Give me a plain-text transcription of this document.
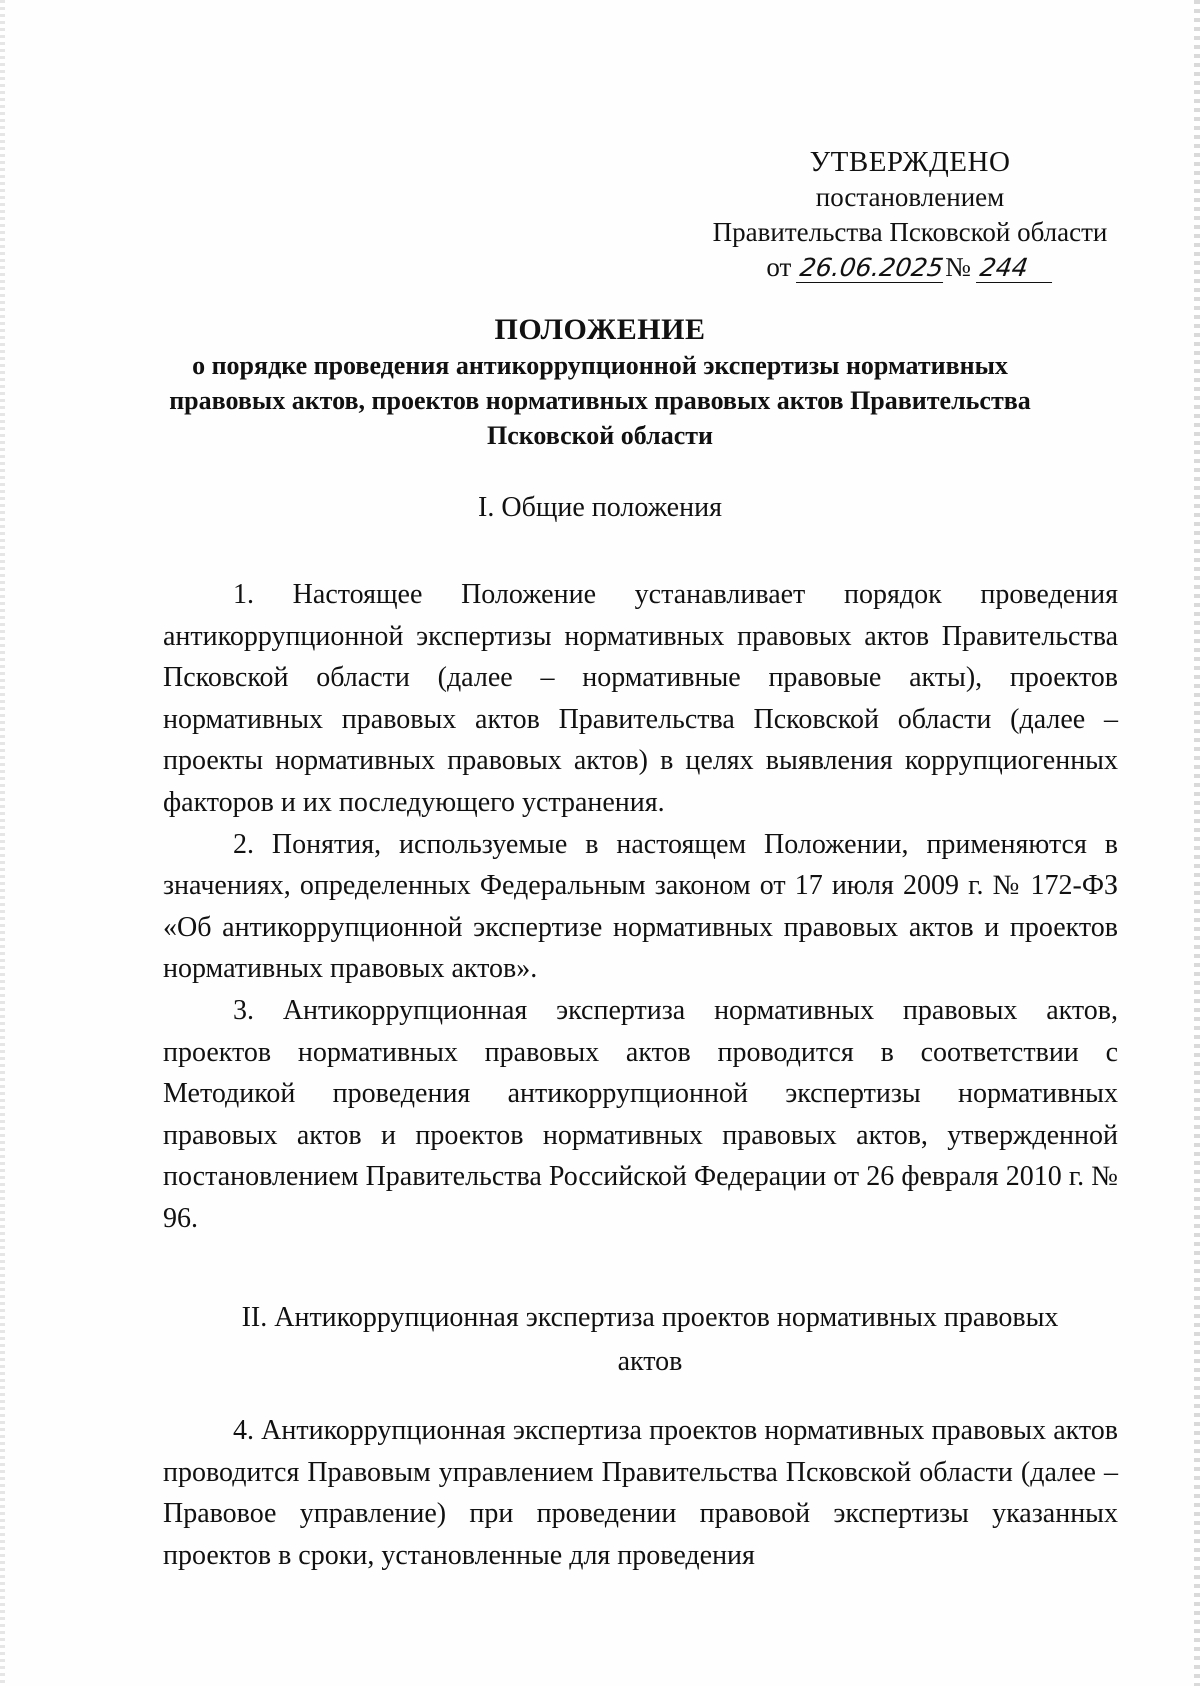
УТВЕРЖДЕНО
постановлением
Правительства Псковской области
от 26.06.2025№ 244
ПОЛОЖЕНИЕ
о порядке проведения антикоррупционной экспертизы нормативных правовых актов, проектов нормативных правовых актов Правительства Псковской области
I. Общие положения

1. Настоящее Положение устанавливает порядок проведения антикоррупционной экспертизы нормативных правовых актов Правительства Псковской области (далее – нормативные правовые акты), проектов нормативных правовых актов Правительства Псковской области (далее – проекты нормативных правовых актов) в целях выявления коррупциогенных факторов и их последующего устранения.

2. Понятия, используемые в настоящем Положении, применяются в значениях, определенных Федеральным законом от 17 июля 2009 г. № 172-ФЗ «Об антикоррупционной экспертизе нормативных правовых актов и проектов нормативных правовых актов».

3. Антикоррупционная экспертиза нормативных правовых актов, проектов нормативных правовых актов проводится в соответствии с Методикой проведения антикоррупционной экспертизы нормативных правовых актов и проектов нормативных правовых актов, утвержденной постановлением Правительства Российской Федерации от 26 февраля 2010 г. № 96.

II. Антикоррупционная экспертиза проектов нормативных правовых актов

4. Антикоррупционная экспертиза проектов нормативных правовых актов проводится Правовым управлением Правительства Псковской области (далее – Правовое управление) при проведении правовой экспертизы указанных проектов в сроки, установленные для проведения
